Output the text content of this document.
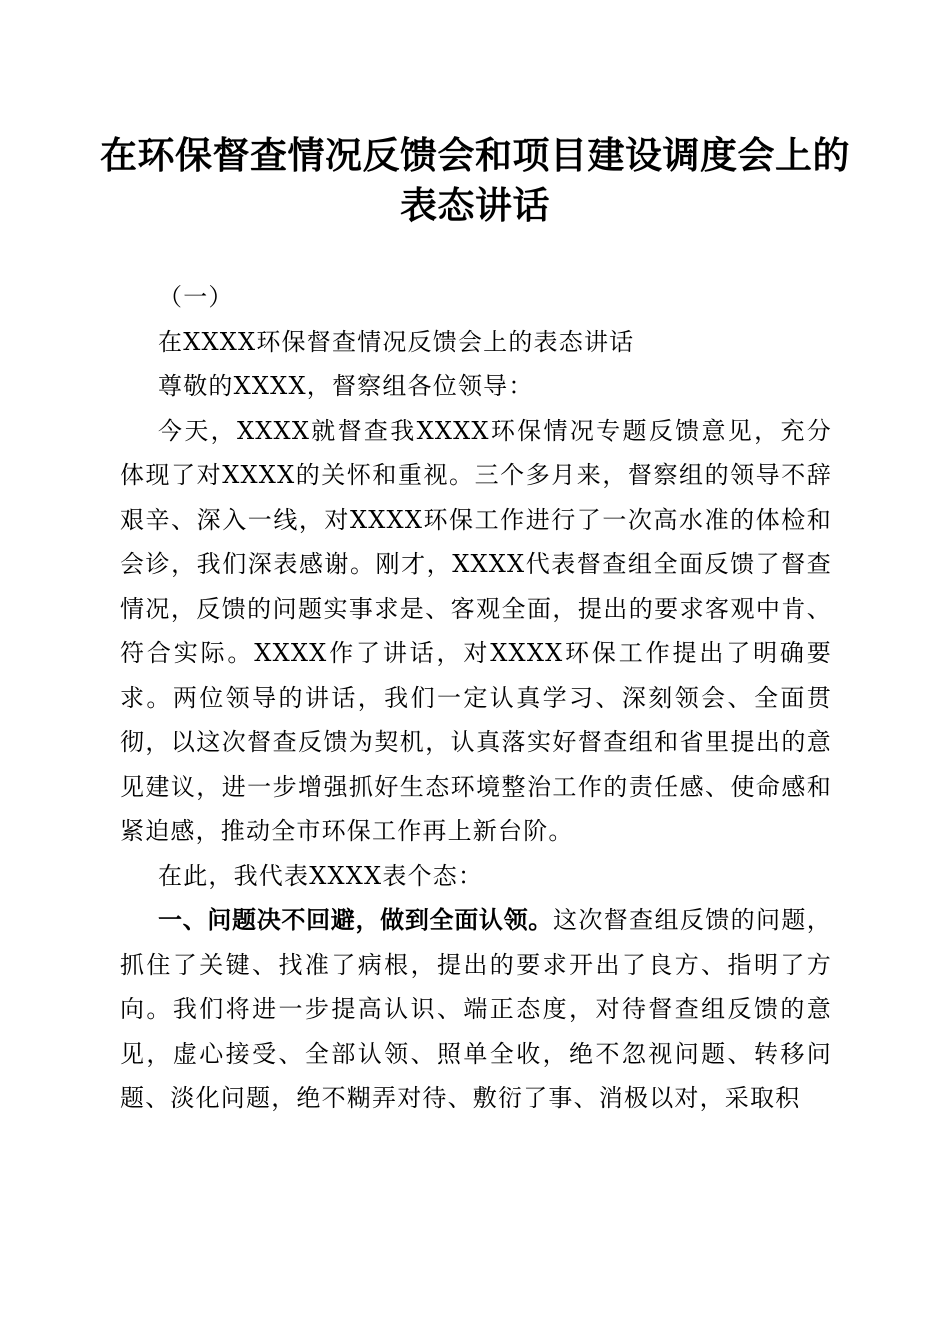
在环保督查情况反馈会和项目建设调度会上的
表态讲话

（一）

在XXXX环保督查情况反馈会上的表态讲话

尊敬的XXXX，督察组各位领导：

今天，XXXX就督查我XXXX环保情况专题反馈意见，充分体现了对XXXX的关怀和重视。三个多月来，督察组的领导不辞艰辛、深入一线，对XXXX环保工作进行了一次高水准的体检和会诊，我们深表感谢。刚才，XXXX代表督查组全面反馈了督查情况，反馈的问题实事求是、客观全面，提出的要求客观中肯、符合实际。XXXX作了讲话，对XXXX环保工作提出了明确要求。两位领导的讲话，我们一定认真学习、深刻领会、全面贯彻，以这次督查反馈为契机，认真落实好督查组和省里提出的意见建议，进一步增强抓好生态环境整治工作的责任感、使命感和紧迫感，推动全市环保工作再上新台阶。

在此，我代表XXXX表个态：

一、问题决不回避，做到全面认领。这次督查组反馈的问题，抓住了关键、找准了病根，提出的要求开出了良方、指明了方向。我们将进一步提高认识、端正态度，对待督查组反馈的意见，虚心接受、全部认领、照单全收，绝不忽视问题、转移问题、淡化问题，绝不糊弄对待、敷衍了事、消极以对，采取积
